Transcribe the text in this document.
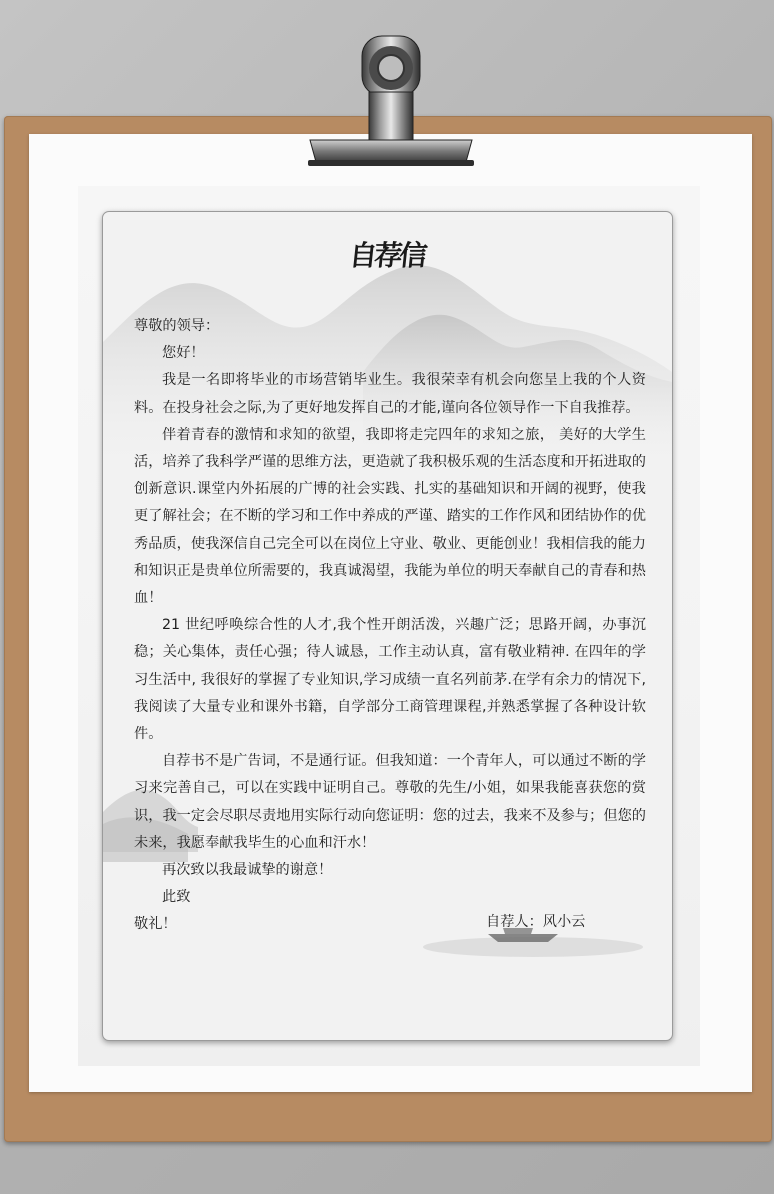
自荐信

尊敬的领导：

您好！

我是一名即将毕业的市场营销毕业生。我很荣幸有机会向您呈上我的个人资料。在投身社会之际,为了更好地发挥自己的才能,谨向各位领导作一下自我推荐。

伴着青春的激情和求知的欲望，我即将走完四年的求知之旅， 美好的大学生活，培养了我科学严谨的思维方法，更造就了我积极乐观的生活态度和开拓进取的创新意识.课堂内外拓展的广博的社会实践、扎实的基础知识和开阔的视野，使我更了解社会；在不断的学习和工作中养成的严谨、踏实的工作作风和团结协作的优秀品质，使我深信自己完全可以在岗位上守业、敬业、更能创业！我相信我的能力和知识正是贵单位所需要的，我真诚渴望，我能为单位的明天奉献自己的青春和热血！

21 世纪呼唤综合性的人才,我个性开朗活泼，兴趣广泛；思路开阔，办事沉稳；关心集体，责任心强；待人诚恳，工作主动认真，富有敬业精神. 在四年的学习生活中, 我很好的掌握了专业知识,学习成绩一直名列前茅.在学有余力的情况下,我阅读了大量专业和课外书籍，自学部分工商管理课程,并熟悉掌握了各种设计软件。

自荐书不是广告词，不是通行证。但我知道：一个青年人，可以通过不断的学习来完善自己，可以在实践中证明自己。尊敬的先生/小姐，如果我能喜获您的赏识，我一定会尽职尽责地用实际行动向您证明：您的过去，我来不及参与；但您的未来，我愿奉献我毕生的心血和汗水！

再次致以我最诚挚的谢意！

此致

敬礼！	自荐人：风小云
